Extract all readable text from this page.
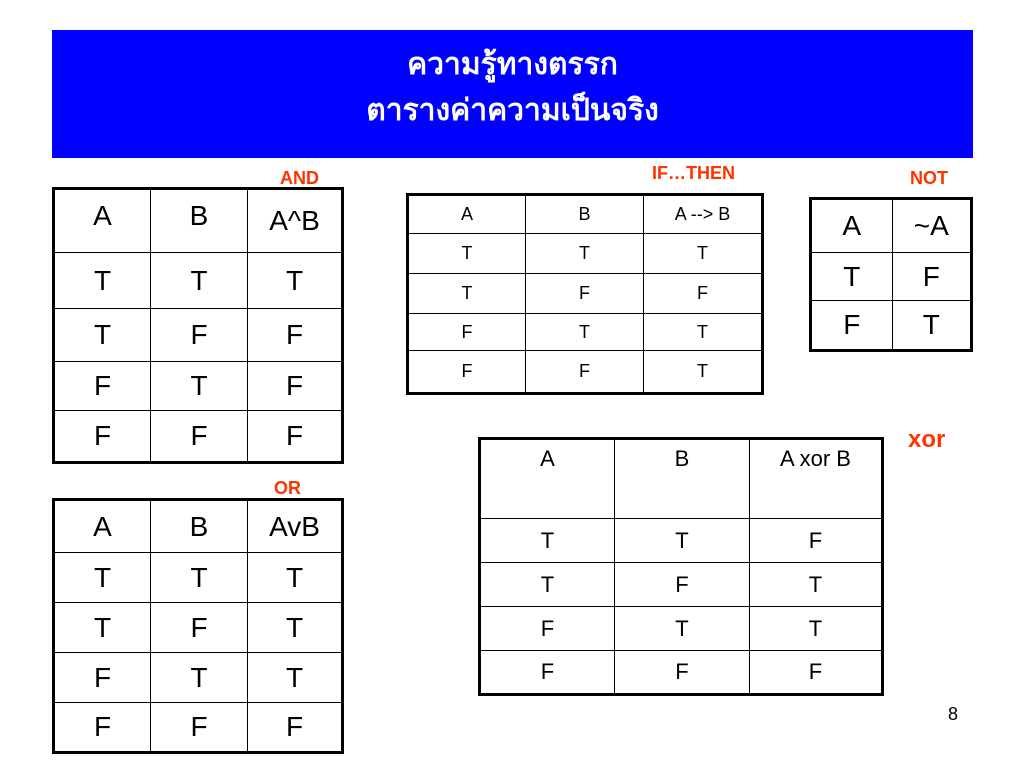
ความรู้ทางตรรก
ตารางค่าความเป็นจริง
AND
A	B	A^B
T	T	T
T	F	F
F	T	F
F	F	F
OR
A	B	AvB
T	T	T
T	F	T
F	T	T
F	F	F
IF…THEN
A	B	A --> B
T	T	T
T	F	F
F	T	T
F	F	T
NOT
A	~A
T	F
F	T
xor
A	B	A xor B
T	T	F
T	F	T
F	T	T
F	F	F
8
